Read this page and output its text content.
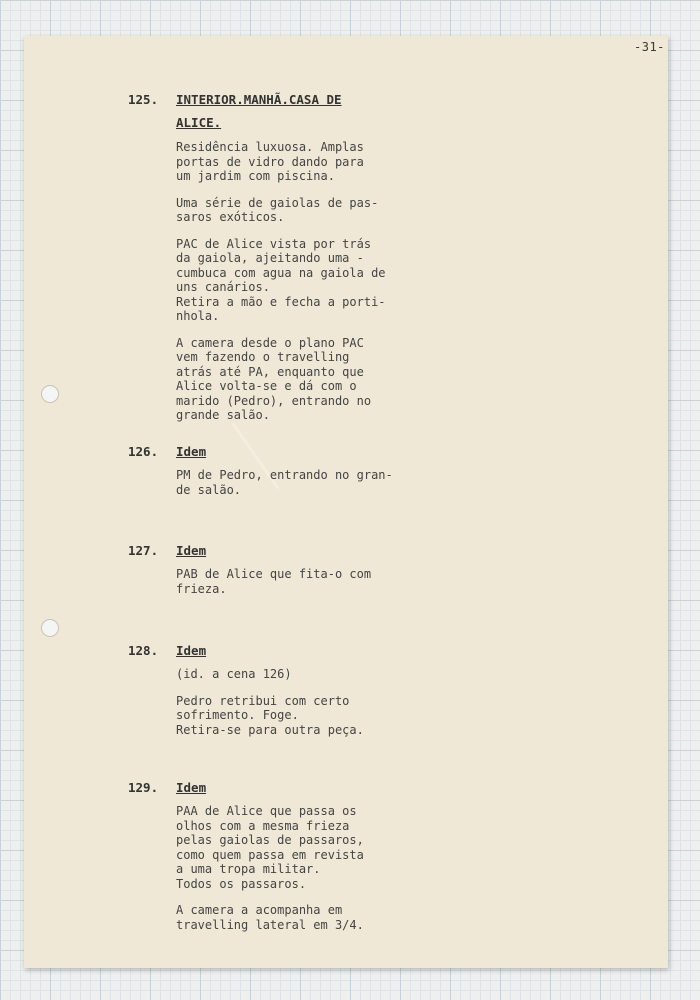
-31-
125. INTERIOR.MANHÃ.CASA DE ALICE.

Residência luxuosa. Amplas
portas de vidro dando para
um jardim com piscina.

Uma série de gaiolas de pas-
saros exóticos.

PAC de Alice vista por trás
da gaiola, ajeitando uma -
cumbuca com agua na gaiola de
uns canários.
Retira a mão e fecha a porti-
nhola.

A camera desde o plano PAC
vem fazendo o travelling
atrás até PA, enquanto que
Alice volta-se e dá com o
marido (Pedro), entrando no
grande salão.

126. Idem

PM de Pedro, entrando no gran-
de salão.

127. Idem

PAB de Alice que fita-o com
frieza.

128. Idem

(id. a cena 126)

Pedro retribui com certo
sofrimento. Foge.
Retira-se para outra peça.

129. Idem

PAA de Alice que passa os
olhos com a mesma frieza
pelas gaiolas de passaros,
como quem passa em revista
a uma tropa militar.
Todos os passaros.

A camera a acompanha em
travelling lateral em 3/4.
